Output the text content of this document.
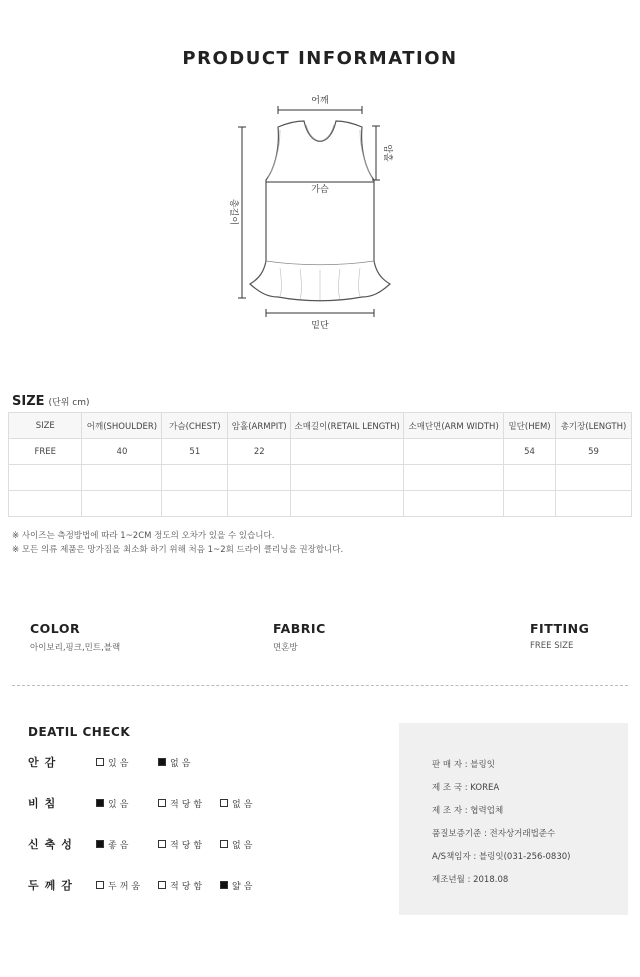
PRODUCT INFORMATION
어깨
암홀
가슴
총길이
밑단
SIZE (단위 cm)
SIZE	어깨(SHOULDER)	가슴(CHEST)	암홀(ARMPIT)	소매길이(RETAIL LENGTH)	소매단면(ARM WIDTH)	밑단(HEM)	총기장(LENGTH)
FREE	40	51	22			54	59

※ 사이즈는 측정방법에 따라 1~2CM 정도의 오차가 있을 수 있습니다.
※ 모든 의류 제품은 망가짐을 최소화 하기 위해 처음 1~2회 드라이 클리닝을 권장합니다.
COLOR
아이보리,핑크,민트,블랙
FABRIC
면혼방
FITTING
FREE SIZE
DEATIL CHECK
안감	있음	없음
비침	있음	적당함	없음
신축성	좋음	적당함	없음
두께감	두꺼움	적당함	얇음
판 매 자 : 블링잇
제 조 국 : KOREA
제 조 자 : 협력업체
품질보증기준 : 전자상거래법준수
A/S책임자 : 블링잇(031-256-0830)
제조년월 : 2018.08
